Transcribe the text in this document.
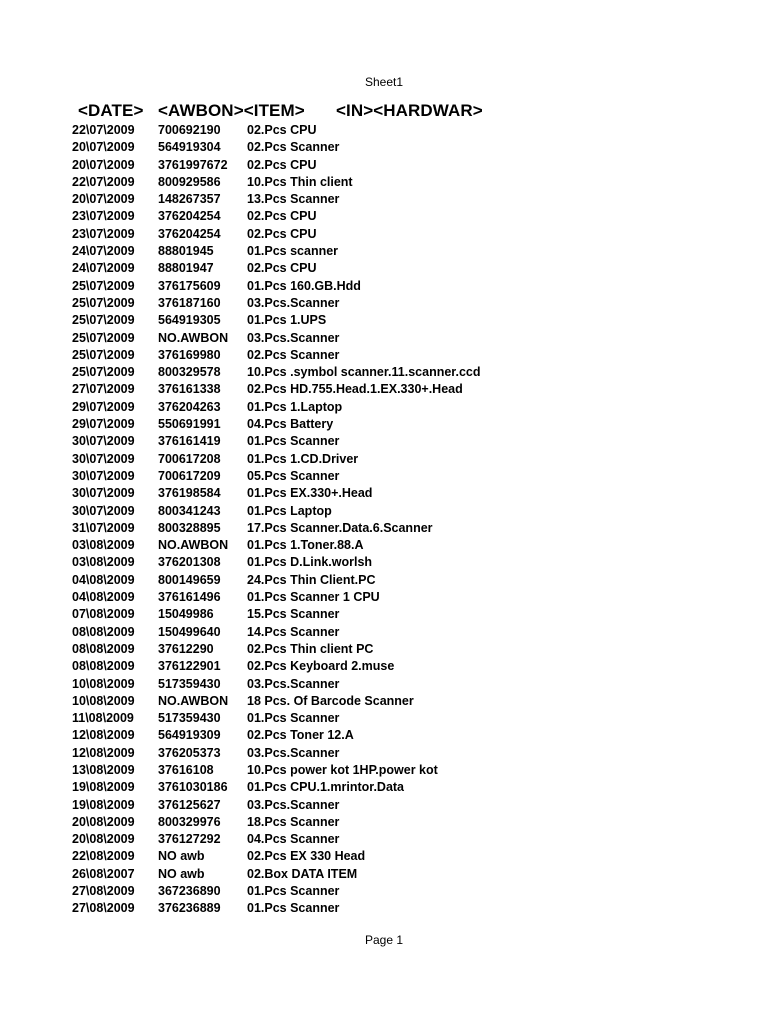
Sheet1
<DATE> <AWBON><ITEM> <IN><HARDWAR>
22\07\2009 700692190 02.Pcs CPU
20\07\2009 564919304 02.Pcs Scanner
20\07\2009 3761997672 02.Pcs CPU
22\07\2009 800929586 10.Pcs Thin client
20\07\2009 148267357 13.Pcs Scanner
23\07\2009 376204254 02.Pcs CPU
23\07\2009 376204254 02.Pcs CPU
24\07\2009 88801945	01.Pcs scanner
24\07\2009 88801947	02.Pcs CPU
25\07\2009 376175609 01.Pcs 160.GB.Hdd
25\07\2009 376187160 03.Pcs.Scanner
25\07\2009 564919305 01.Pcs 1.UPS
25\07\2009 NO.AWBON 03.Pcs.Scanner
25\07\2009 376169980 02.Pcs Scanner
25\07\2009 800329578 10.Pcs .symbol scanner.11.scanner.ccd
27\07\2009 376161338 02.Pcs HD.755.Head.1.EX.330+.Head
29\07\2009 376204263 01.Pcs 1.Laptop
29\07\2009 550691991 04.Pcs Battery
30\07\2009 376161419 01.Pcs Scanner
30\07\2009 700617208 01.Pcs 1.CD.Driver
30\07\2009 700617209 05.Pcs Scanner
30\07\2009 376198584 01.Pcs EX.330+.Head
30\07\2009 800341243 01.Pcs Laptop
31\07\2009 800328895 17.Pcs Scanner.Data.6.Scanner
03\08\2009 NO.AWBON 01.Pcs 1.Toner.88.A
03\08\2009 376201308 01.Pcs D.Link.worlsh
04\08\2009 800149659 24.Pcs Thin Client.PC
04\08\2009 376161496 01.Pcs Scanner 1 CPU
07\08\2009 15049986	15.Pcs Scanner
08\08\2009 150499640 14.Pcs Scanner
08\08\2009 37612290	02.Pcs Thin client PC
08\08\2009 376122901 02.Pcs Keyboard 2.muse
10\08\2009 517359430 03.Pcs.Scanner
10\08\2009 NO.AWBON 18 Pcs. Of Barcode Scanner
11\08\2009 517359430 01.Pcs Scanner
12\08\2009 564919309 02.Pcs Toner 12.A
12\08\2009 376205373 03.Pcs.Scanner
13\08\2009 37616108	10.Pcs power kot 1HP.power kot
19\08\2009 3761030186 01.Pcs CPU.1.mrintor.Data
19\08\2009 376125627 03.Pcs.Scanner
20\08\2009 800329976 18.Pcs Scanner
20\08\2009 376127292 04.Pcs Scanner
22\08\2009 NO awb	02.Pcs EX 330 Head
26\08\2007 NO awb	02.Box DATA ITEM
27\08\2009 367236890 01.Pcs Scanner
27\08\2009 376236889 01.Pcs Scanner
Page 1
